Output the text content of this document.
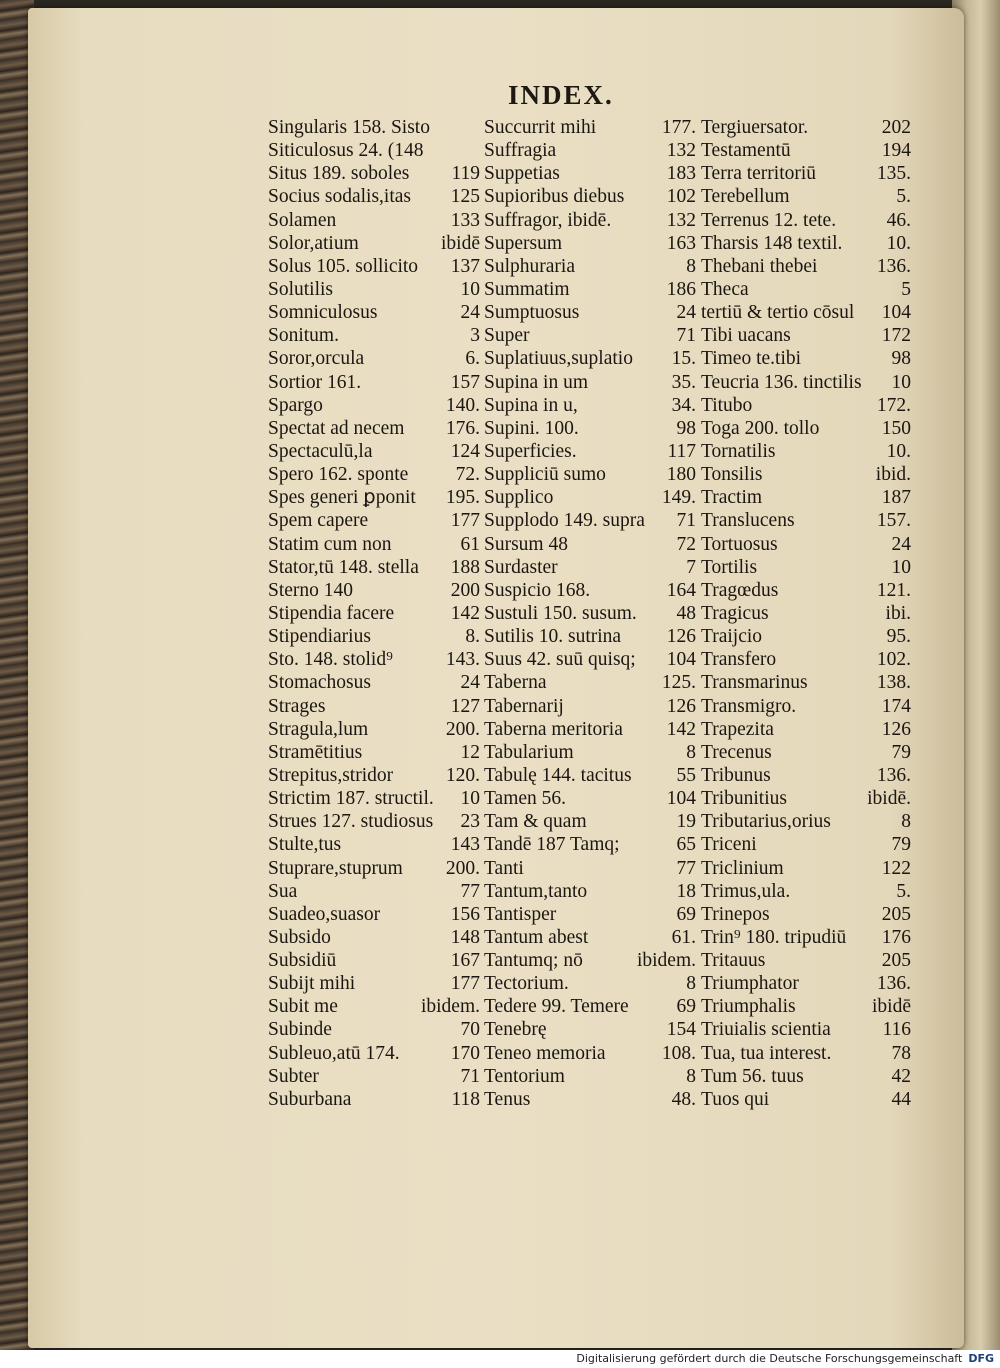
INDEX.
Singularis 158. Sisto
Siticulosus 24. (148
Situs 189. soboles	119
Socius sodalis,itas	125
Solamen	133
Solor,atium	ibidē
Solus 105. sollicito	137
Solutilis	10
Somniculosus	24
Sonitum.	3
Soror,orcula	6.
Sortior 161.	157
Spargo	140.
Spectat ad necem	176.
Spectaculū,la	124
Spero 162. sponte	72.
Spes generi ꝑponit	195.
Spem capere	177
Statim cum non	61
Stator,tū 148. stella	188
Sterno 140	200
Stipendia facere	142
Stipendiarius	8.
Sto. 148. stolid⁹	143.
Stomachosus	24
Strages	127
Stragula,lum	200.
Stramētitius	12
Strepitus,stridor	120.
Strictim 187. structil.	10
Strues 127. studiosus	23
Stulte,tus	143
Stuprare,stuprum	200.
Sua	77
Suadeo,suasor	156
Subsido	148
Subsidiū	167
Subijt mihi	177
Subit me	ibidem.
Subinde	70
Subleuo,atū 174.	170
Subter	71
Suburbana	118
Succurrit mihi	177.
Suffragia	132
Suppetias	183
Supioribus diebus	102
Suffragor, ibidē.	132
Supersum	163
Sulphuraria	8
Summatim	186
Sumptuosus	24
Super	71
Suplatiuus,suplatio	15.
Supina in um	35.
Supina in u,	34.
Supini. 100.	98
Superficies.	117
Suppliciū sumo	180
Supplico	149.
Supplodo 149. supra	71
Sursum 48	72
Surdaster	7
Suspicio 168.	164
Sustuli 150. susum.	48
Sutilis 10. sutrina	126
Suus 42. suū quisq;	104
Taberna	125.
Tabernarij	126
Taberna meritoria	142
Tabularium	8
Tabulę 144. tacitus	55
Tamen 56.	104
Tam & quam	19
Tandē 187 Tamq;	65
Tanti	77
Tantum,tanto	18
Tantisper	69
Tantum abest	61.
Tantumq; nō	ibidem.
Tectorium.	8
Tedere 99. Temere	69
Tenebrę	154
Teneo memoria	108.
Tentorium	8
Tenus	48.
Tergiuersator.	202
Testamentū	194
Terra territoriū	135.
Terebellum	5.
Terrenus 12. tete.	46.
Tharsis 148 textil.	10.
Thebani thebei	136.
Theca	5
tertiū & tertio cōsul	104
Tibi uacans	172
Timeo te.tibi	98
Teucria 136. tinctilis	10
Titubo	172.
Toga 200. tollo	150
Tornatilis	10.
Tonsilis	ibid.
Tractim	187
Translucens	157.
Tortuosus	24
Tortilis	10
Tragœdus	121.
Tragicus	ibi.
Traijcio	95.
Transfero	102.
Transmarinus	138.
Transmigro.	174
Trapezita	126
Trecenus	79
Tribunus	136.
Tribunitius	ibidē.
Tributarius,orius	8
Triceni	79
Triclinium	122
Trimus,ula.	5.
Trinepos	205
Trin⁹ 180. tripudiū	176
Tritauus	205
Triumphator	136.
Triumphalis	ibidē
Triuialis scientia	116
Tua, tua interest.	78
Tum 56. tuus	42
Tuos qui	44
Digitalisierung gefördert durch die Deutsche Forschungsgemeinschaft DFG
